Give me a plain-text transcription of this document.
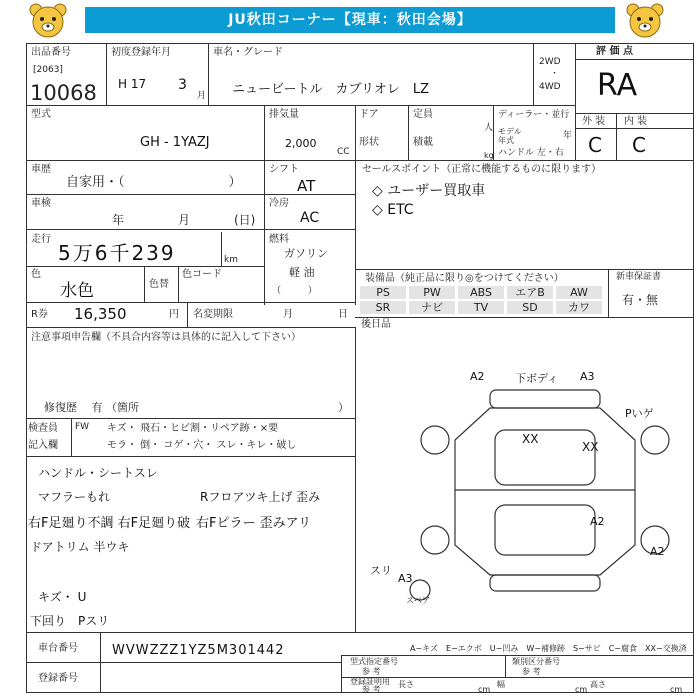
JU秋田コーナー【現車：秋田会場】
出品番号
[2063]
10068
初度登録年月
H 17 3
月
車名・グレード
ニュービートル　カブリオレ　LZ
2WD
・
4WD
評 価 点
RA
外 装 内 装
C C
型式
GH - 1YAZJ
排気量
2,000
CC
ドア
形状
定員
積載
人
kg
ディーラー・並行
モデル 年式	年
ハンドル 左・右
車歴
自家用・（　　　　　　　　）
シフト
AT
車検
年	月	(日)
冷房
AC
走行
5万6千239	km
燃料
ガソリン
軽 油
（　　　）
色
水色	色替
色コード
R券 16,350	円 名変期限	月	日
セールスポイント（正常に機能するものに限ります）
◇ ユーザー買取車
◇ ETC
装備品（純正品に限り◎をつけてください）	新車保証書
有・無
PS	PW	ABS	エアB	AW
SR	ナビ	TV	SD	カワ
後日品
注意事項申告欄（不具合内容等は具体的に記入して下さい）
修復歴　 有 （箇所	）
検査員
記入欄
FW キズ・ 飛石・ヒビ割・リペア跡・×要
モラ・ 倒・ コゲ・穴・ スレ・キレ・破し
ハンドル・シートスレ
マフラーもれ	Rフロアツキ上げ 歪み
右F足廻り不調 右F足廻り破 右Fピラー 歪みアリ
ドアトリム 半ウキ
キズ・ U
下回り　Pスリ
A2	下ボディ A3
Pいゲ
XX
XX
A2
A2
スリ
A3
スペア
車台番号	WVWZZZ1YZ5M301442
登録番号
A−キズ　E−エクボ　U−凹み　W−補修跡　S−サビ　C−腐食　XX−交換済
型式指定番号
参 考
類別区分番号
参 考
登録証明用
参 考
長さ
cm
幅
cm
高さ
cm
